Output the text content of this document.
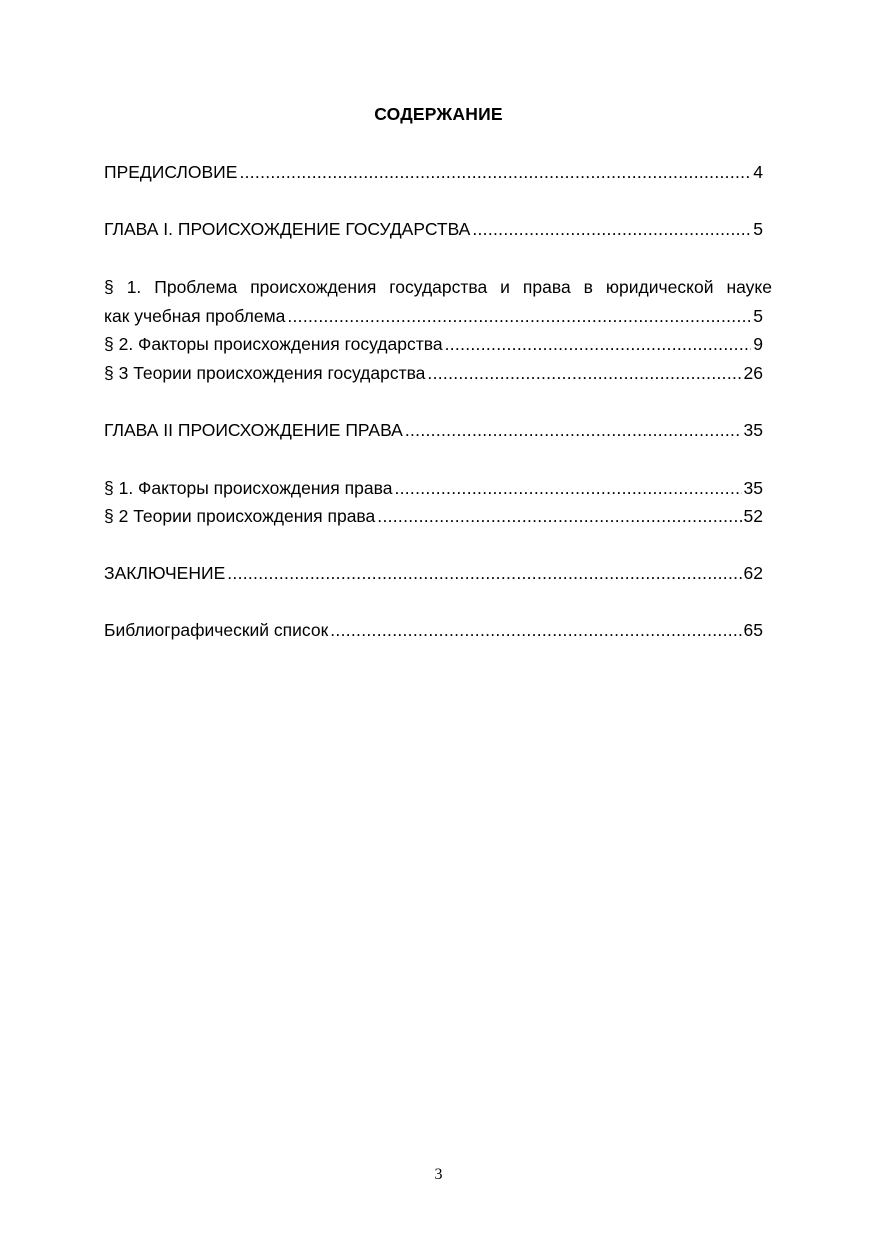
СОДЕРЖАНИЕ
ПРЕДИСЛОВИЕ .....	4
ГЛАВА I. ПРОИСХОЖДЕНИЕ ГОСУДАРСТВА .....	5
§ 1. Проблема происхождения государства и права в юридической науке
как учебная проблема .....	5
§ 2. Факторы происхождения государства .....	9
§ 3 Теории происхождения государства .....	26
ГЛАВА II ПРОИСХОЖДЕНИЕ ПРАВА .....	35
§ 1. Факторы происхождения права .....	35
§ 2 Теории происхождения права .....	52
ЗАКЛЮЧЕНИЕ .....	62
Библиографический список .....	65
3
